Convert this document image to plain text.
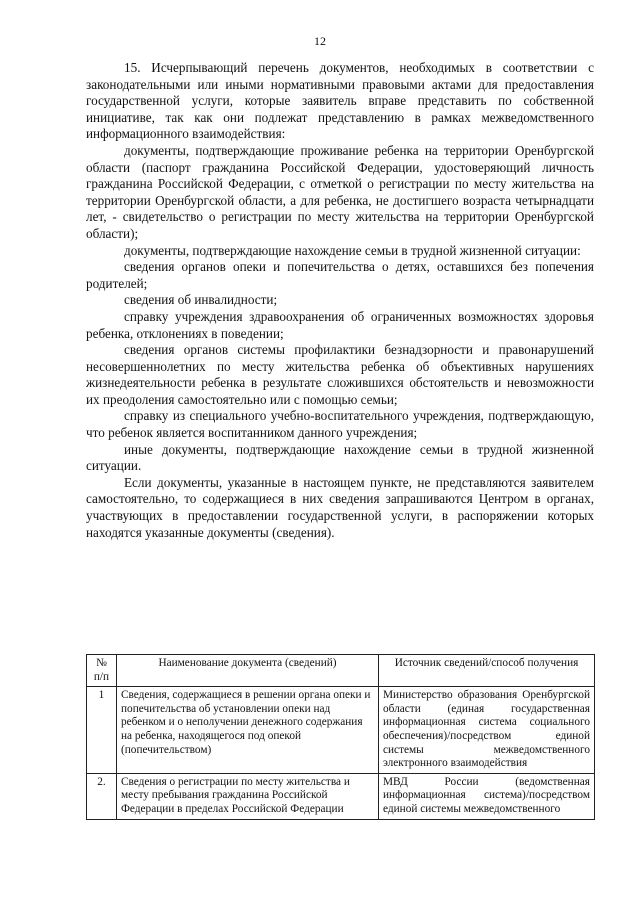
12

15. Исчерпывающий перечень документов, необходимых в соответствии с законодательными или иными нормативными правовыми актами для предоставления государственной услуги, которые заявитель вправе представить по собственной инициативе, так как они подлежат представлению в рамках межведомственного информационного взаимодействия:

документы, подтверждающие проживание ребенка на территории Оренбургской области (паспорт гражданина Российской Федерации, удостоверяющий личность гражданина Российской Федерации, с отметкой о регистрации по месту жительства на территории Оренбургской области, а для ребенка, не достигшего возраста четырнадцати лет, - свидетельство о регистрации по месту жительства на территории Оренбургской области);

документы, подтверждающие нахождение семьи в трудной жизненной ситуации:

сведения органов опеки и попечительства о детях, оставшихся без попечения родителей;

сведения об инвалидности;

справку учреждения здравоохранения об ограниченных возможностях здоровья ребенка, отклонениях в поведении;

сведения органов системы профилактики безнадзорности и правонарушений несовершеннолетних по месту жительства ребенка об объективных нарушениях жизнедеятельности ребенка в результате сложившихся обстоятельств и невозможности их преодоления самостоятельно или с помощью семьи;

справку из специального учебно-воспитательного учреждения, подтверждающую, что ребенок является воспитанником данного учреждения;

иные документы, подтверждающие нахождение семьи в трудной жизненной ситуации.

Если документы, указанные в настоящем пункте, не представляются заявителем самостоятельно, то содержащиеся в них сведения запрашиваются Центром в органах, участвующих в предоставлении государственной услуги, в распоряжении которых находятся указанные документы (сведения).

№ п/п	Наименование документа (сведений)	Источник сведений/способ получения
1	Сведения, содержащиеся в решении органа опеки и попечительства об установлении опеки над ребенком и о неполучении денежного содержания на ребенка, находящегося под опекой (попечительством)	Министерство образования Оренбургской области (единая государственная информационная система социального обеспечения)/посредством единой системы межведомственного электронного взаимодействия
2.	Сведения о регистрации по месту жительства и месту пребывания гражданина Российской Федерации в пределах Российской Федерации	МВД России (ведомственная информационная система)/посредством единой системы межведомственного
